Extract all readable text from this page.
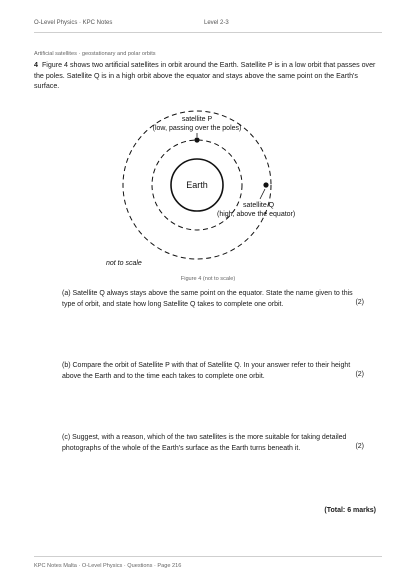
O-Level Physics · KPC Notes	Level 2-3
Artificial satellites · geostationary and polar orbits
4 Figure 4 shows two artificial satellites in orbit around the Earth. Satellite P is in a low orbit that passes over the poles. Satellite Q is in a high orbit above the equator and stays above the same point on the Earth's surface.
Earth
satellite P
(low, passing over the poles)
satellite Q
(high, above the equator)
not to scale
Figure 4 (not to scale)
(a) Satellite Q always stays above the same point on the equator. State the name given to this type of orbit, and state how long Satellite Q takes to complete one orbit.	(2)
(b) Compare the orbit of Satellite P with that of Satellite Q. In your answer refer to their height above the Earth and to the time each takes to complete one orbit.	(2)
(c) Suggest, with a reason, which of the two satellites is the more suitable for taking detailed photographs of the whole of the Earth's surface as the Earth turns beneath it.	(2)
(Total: 6 marks)
KPC Notes Malta · O-Level Physics · Questions · Page 216
